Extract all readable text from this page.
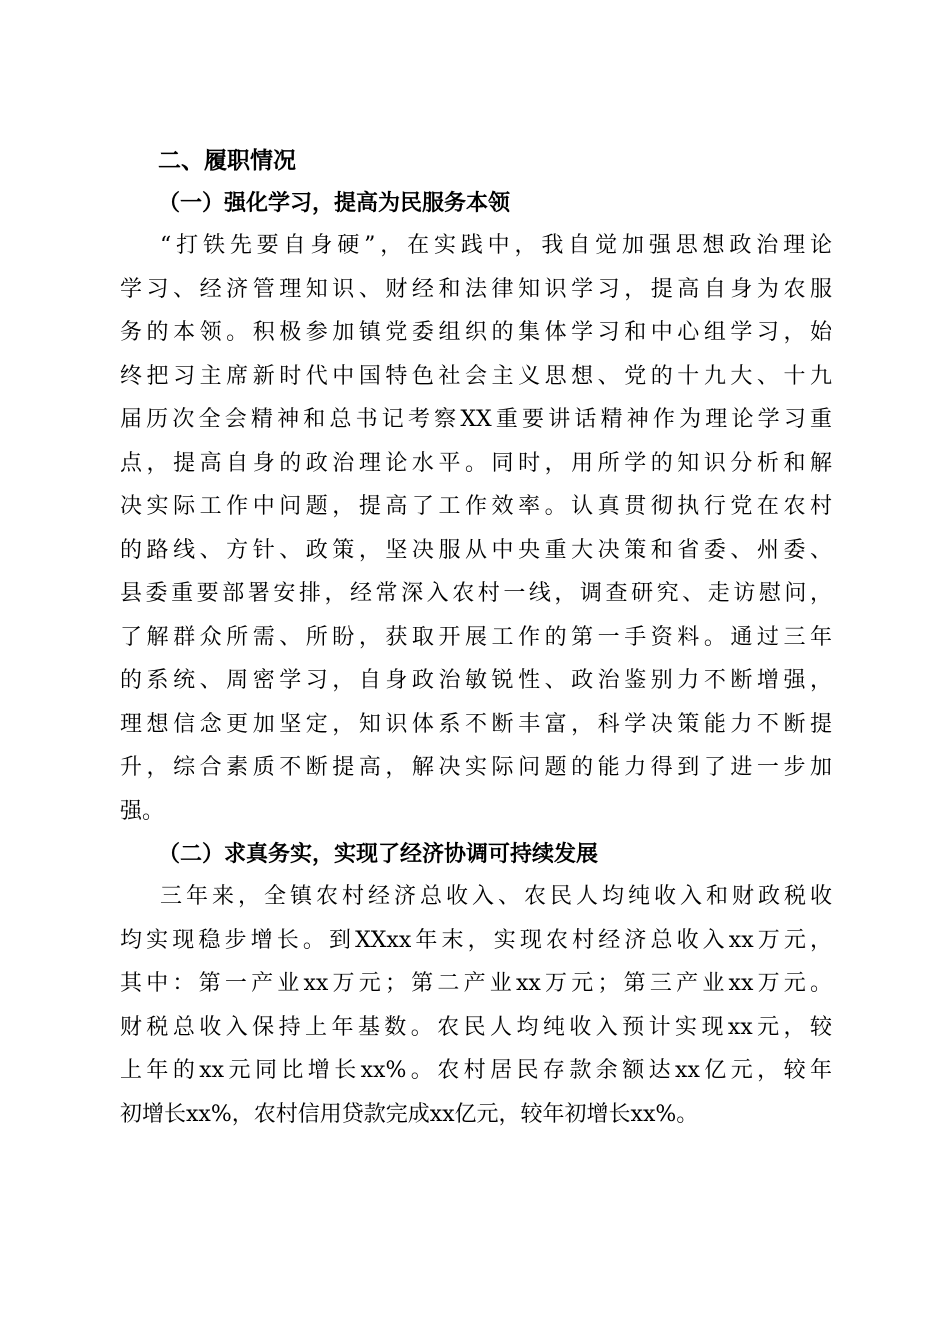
二、履职情况
（一）强化学习，提高为民服务本领
“打铁先要自身硬”，在实践中，我自觉加强思想政治理论
学习、经济管理知识、财经和法律知识学习，提高自身为农服
务的本领。积极参加镇党委组织的集体学习和中心组学习，始
终把习主席新时代中国特色社会主义思想、党的十九大、十九
届历次全会精神和总书记考察XX重要讲话精神作为理论学习重
点，提高自身的政治理论水平。同时，用所学的知识分析和解
决实际工作中问题，提高了工作效率。认真贯彻执行党在农村
的路线、方针、政策，坚决服从中央重大决策和省委、州委、
县委重要部署安排，经常深入农村一线，调查研究、走访慰问，
了解群众所需、所盼，获取开展工作的第一手资料。通过三年
的系统、周密学习，自身政治敏锐性、政治鉴别力不断增强，
理想信念更加坚定，知识体系不断丰富，科学决策能力不断提
升，综合素质不断提高，解决实际问题的能力得到了进一步加
强。
（二）求真务实，实现了经济协调可持续发展
三年来，全镇农村经济总收入、农民人均纯收入和财政税收
均实现稳步增长。到XXxx年末，实现农村经济总收入xx万元，
其中：第一产业xx万元；第二产业xx万元；第三产业xx万元。
财税总收入保持上年基数。农民人均纯收入预计实现xx元，较
上年的xx元同比增长xx%。农村居民存款余额达xx亿元，较年
初增长xx%，农村信用贷款完成xx亿元，较年初增长xx%。
